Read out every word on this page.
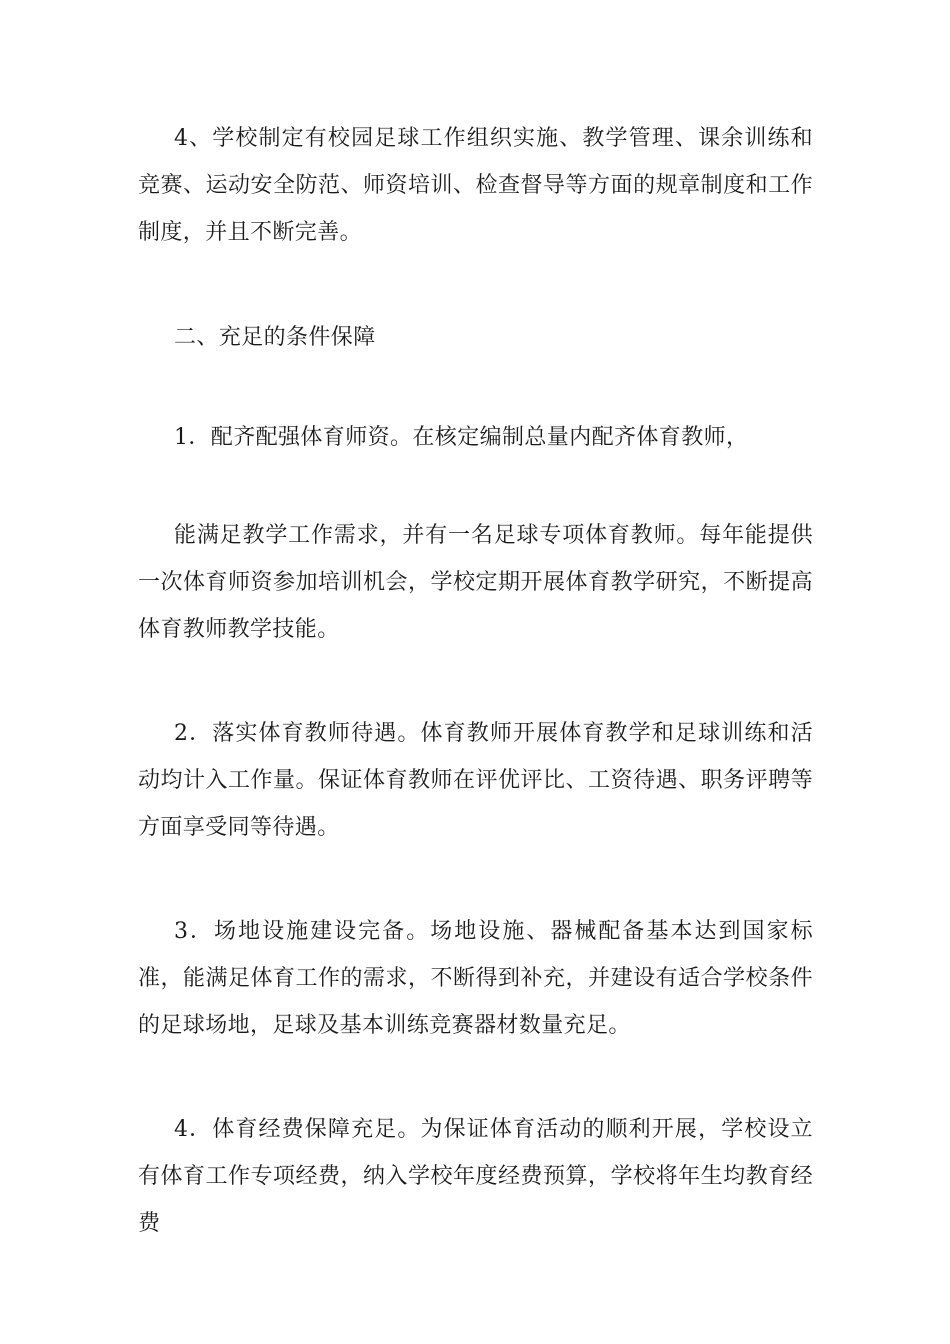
4、学校制定有校园足球工作组织实施、教学管理、课余训练和竞赛、运动安全防范、师资培训、检查督导等方面的规章制度和工作制度，并且不断完善。

二、充足的条件保障

1．配齐配强体育师资。在核定编制总量内配齐体育教师，

能满足教学工作需求，并有一名足球专项体育教师。每年能提供一次体育师资参加培训机会，学校定期开展体育教学研究，不断提高体育教师教学技能。

2．落实体育教师待遇。体育教师开展体育教学和足球训练和活动均计入工作量。保证体育教师在评优评比、工资待遇、职务评聘等方面享受同等待遇。

3．场地设施建设完备。场地设施、器械配备基本达到国家标准，能满足体育工作的需求，不断得到补充，并建设有适合学校条件的足球场地，足球及基本训练竞赛器材数量充足。

4．体育经费保障充足。为保证体育活动的顺利开展，学校设立有体育工作专项经费，纳入学校年度经费预算，学校将年生均教育经费
